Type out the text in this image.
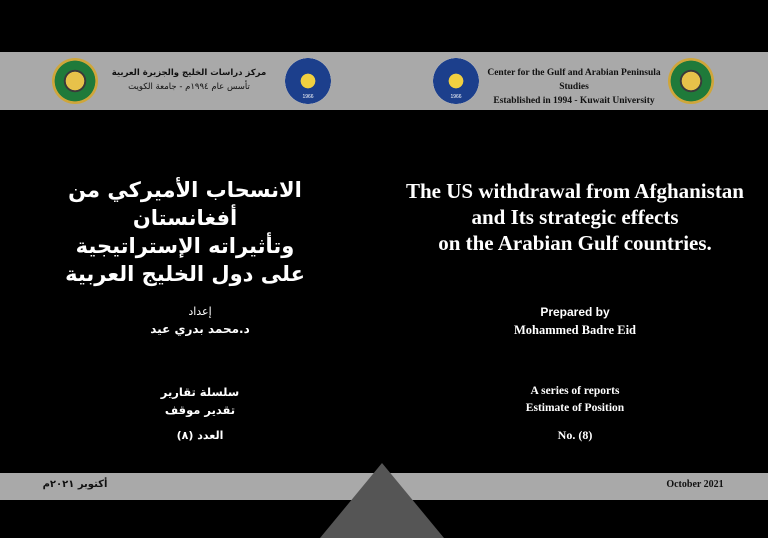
1966
مركز دراسات الخليج والجزيرة العربية
تأسس عام ١٩٩٤م - جامعة الكويت
1966
Center for the Gulf and Arabian Peninsula Studies
Established in 1994 - Kuwait University
The US withdrawal from Afghanistan
and Its strategic effects
on the Arabian Gulf countries.
Prepared by
Mohammed Badre Eid
A series of reports
Estimate of Position
No. (8)
October 2021
الانسحاب الأميركي من أفغانستان
وتأثيراته الإستراتيجية
على دول الخليج العربية
إعداد
د.محمد بدري عيد
سلسلة تقارير
تقدير موقف
العدد (٨)
أكتوبر ٢٠٢١م
